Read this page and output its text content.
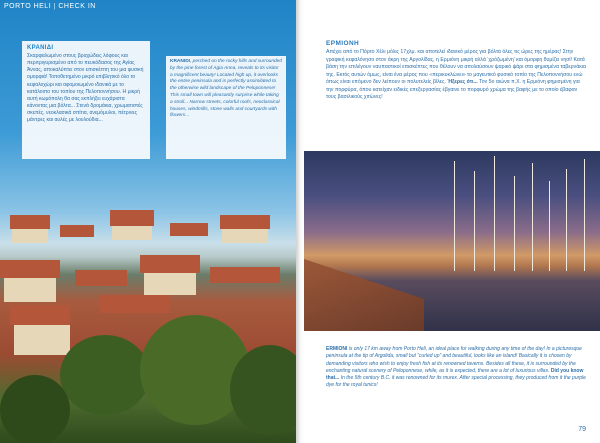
PORTO HELI | CHECK IN
ΚΡΑΝΙΔΙ
Σκαρφαλωμένο στους βραχώδεις λόφους και περιτριγυρισμένο από το πευκόδασος της Αγίας Άννας, αποκαλύπτει στον επισκέπτη του μια φυσική ομορφιά! Τοποθετημένο μικρό επιβλητικό όλο το κεφαλοχώρι και αφομοιωμένο ιδανικά με το κατάλοιπο του τοπίου της Πελοποννήσου. Η μικρή αυτή κωμόπολη θα σας εκπλήξει ευχάριστα κάνοντας μια βόλτα... Στενά δρομάκια, χρωματιστές σκεπές, νεοκλασικά σπίτια, ανεμόμυλοι, πέτρινες μάντρες και αυλές με λουλούδια...
KRANIDI, perched on the rocky hills and surrounded by the pine forest of Agia Anna, reveals to its visitor a magnificent beauty! Located high up, it overlooks the entire peninsula and is perfectly assimilated to the otherwise wild landscape of the Peloponnese! This small town will pleasantly surprise while taking a stroll... Narrow streets, colorful roofs, neoclassical houses, windmills, stone walls and courtyards with flowers...
ΕΡΜΙΟΝΗ
Απέχει από το Πόρτο Χέλι μόλις 17χλμ. και αποτελεί ιδανικό μέρος για βόλτα όλες τις ώρες της ημέρας! Στην γραφική κεφαλόνησο στον άκρη της Αργολίδας, η Ερμιόνη μικρή αλλά ‘χρόζωμένη’ και όμορφη θυμίζει νησί! Κατά βάση την επιλέγουν ναυπαστικοί επισκέπτες που θέλουν να απολαύσουν ψαρικό ψάρι στα φημισμένα ταβερνάκια της. Εκτός αυτών όμως, είναι ένα μέρος που «περικυκλώνει» το μαγευτικό φυσικό τοπίο της Πελοποννήσου ενώ όπως είναι επόμενο δεν λείπουν οι πολυτελείς βίλες. Ήξερες ότι... Τον 5ο αιώνα π.Χ. η Ερμιόνη φημισμένη για την πορφύρα, όπου κατείχαν ειδικές επεξεργασίας έβγαινε το πορφυρό χρώμα της βαφής με το οποίο έβαφαν τους βασιλικούς χιτώνες!
ERMIONI is only 17 km away from Porto Heli, an ideal place for walking during any time of the day! In a picturesque peninsula at the tip of Argolida, small but “curled up” and beautiful, looks like an island! Basically it is chosen by demanding visitors who wish to enjoy fresh fish at its renowned taverns. Besides all these, it is surrounded by the enchanting natural scenery of Peloponnese, while, as it is expected, there are a lot of luxurious villas. Did you know that... In the 5th century B.C. it was renowned for its murex. After special processing, they produced from it the purple dye for the royal tunics!
79
